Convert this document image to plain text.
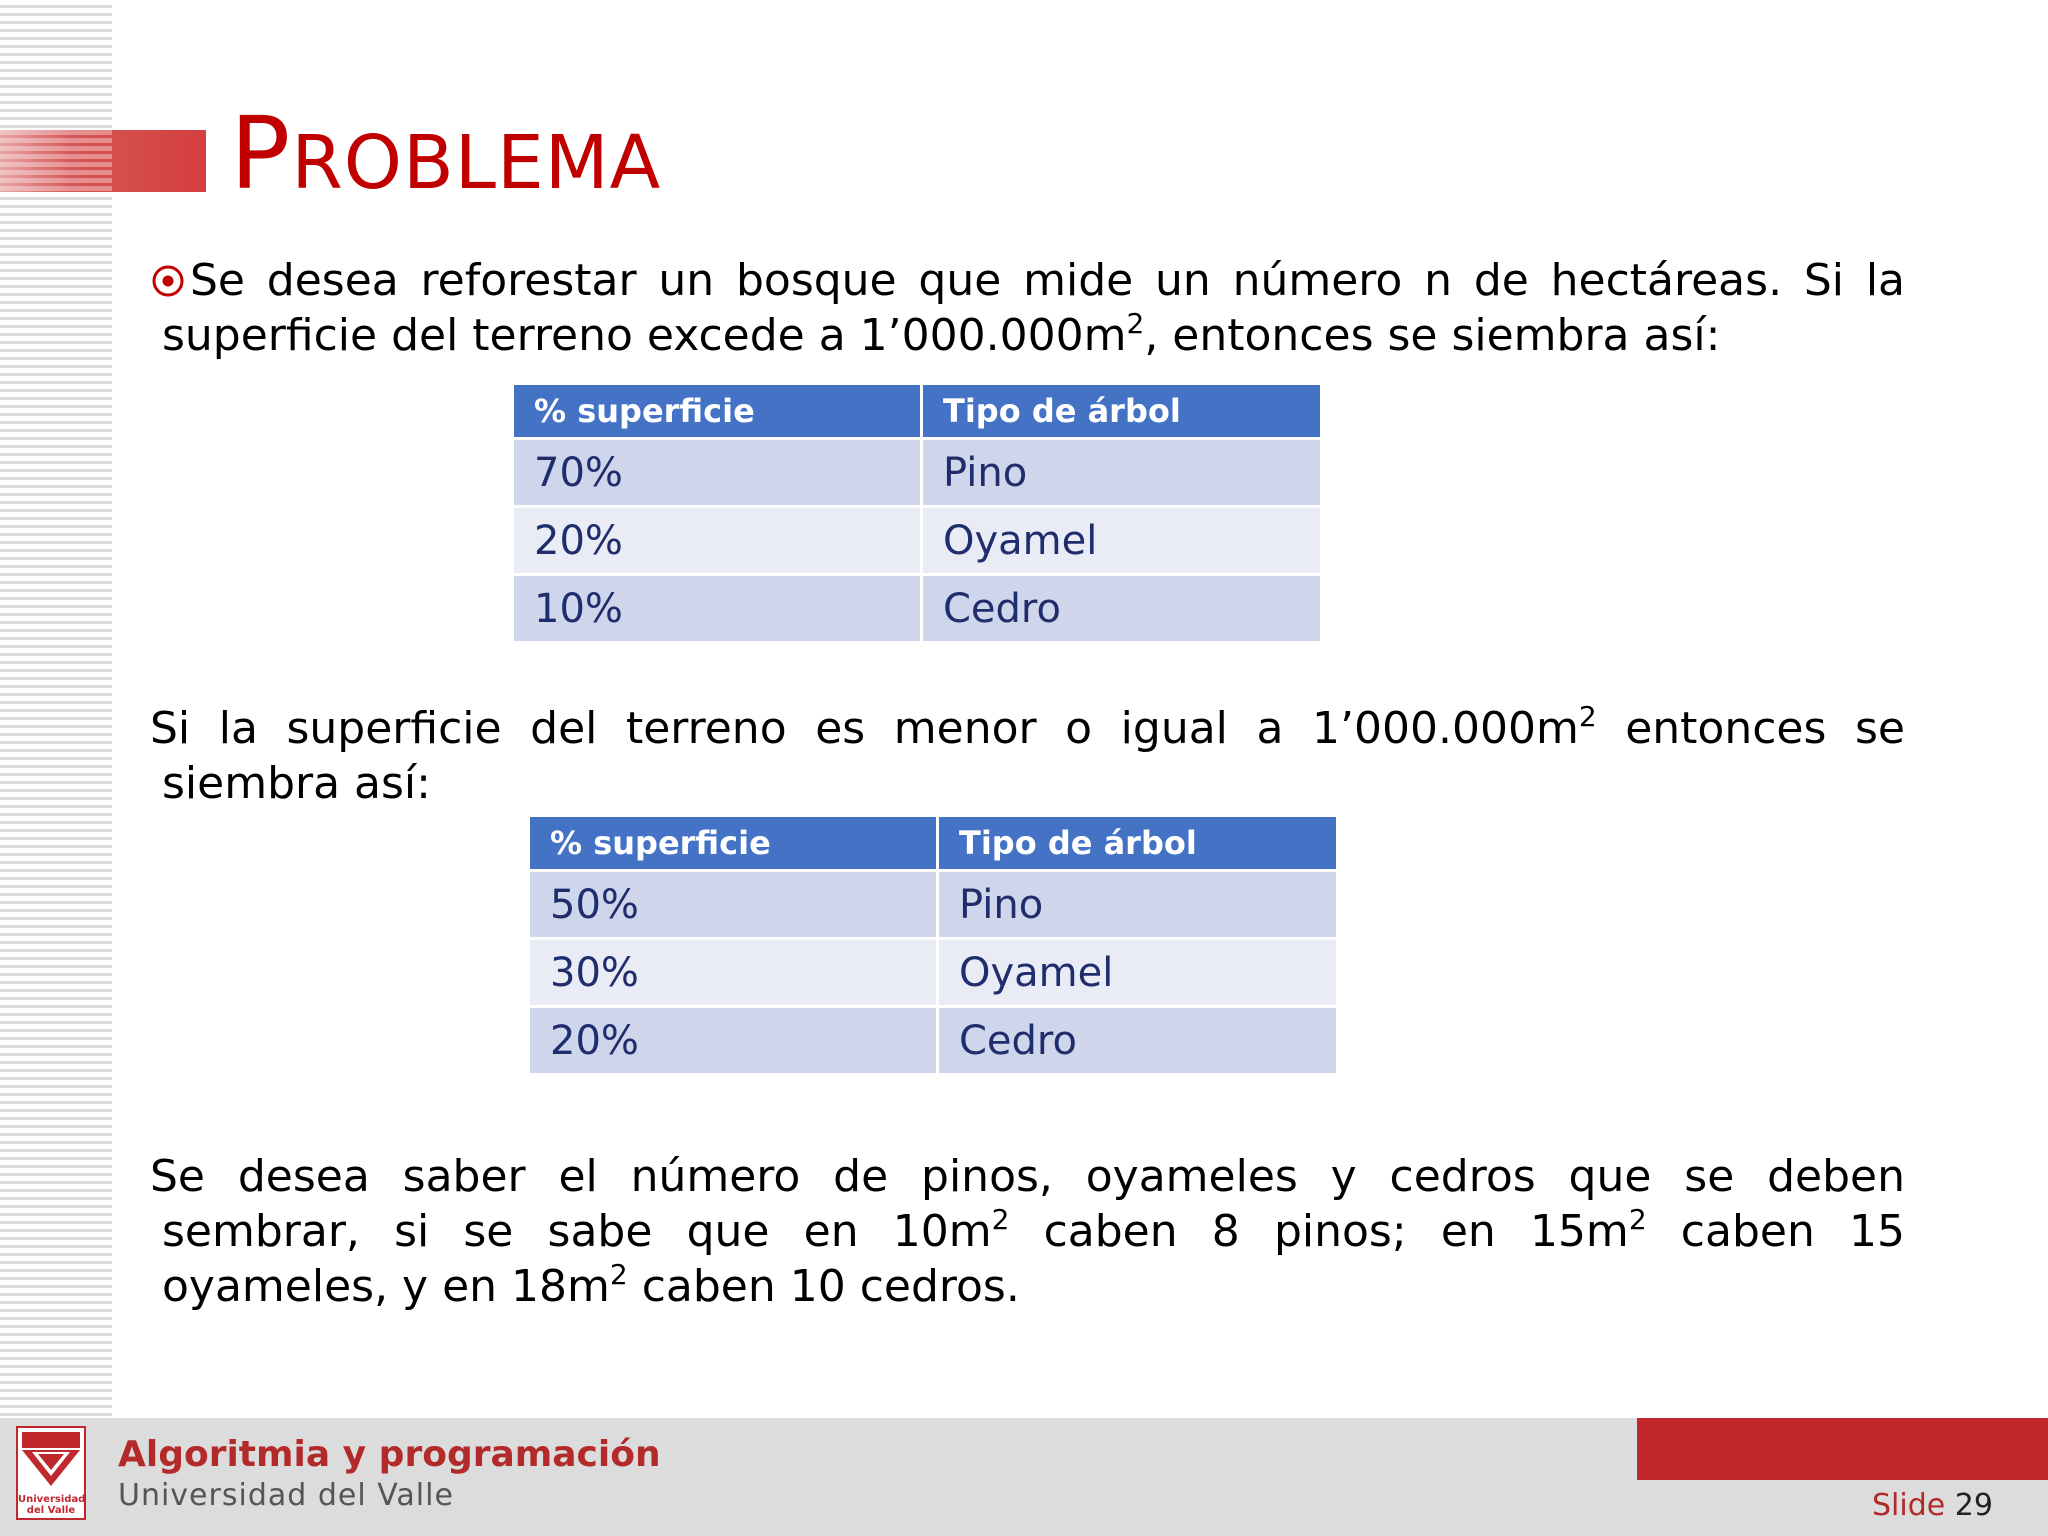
PROBLEMA
Se desea reforestar un bosque que mide un número n de hectáreas. Si la
superficie del terreno excede a $1’000.000m^2$, entonces se siembra así:
% superficie	Tipo de árbol
70%	Pino
20%	Oyamel
10%	Cedro
Si la superficie del terreno es menor o igual a $1’000.000m^2$ entonces se
siembra así:
% superficie	Tipo de árbol
50%	Pino
30%	Oyamel
20%	Cedro
Se desea saber el número de pinos, oyameles y cedros que se deben
sembrar, si se sabe que en $10m^2$ caben 8 pinos; en $15m^2$ caben 15
oyameles, y en $18m^2$ caben 10 cedros.
Universidad
del Valle
Algoritmia y programación
Universidad del Valle	Slide 29
